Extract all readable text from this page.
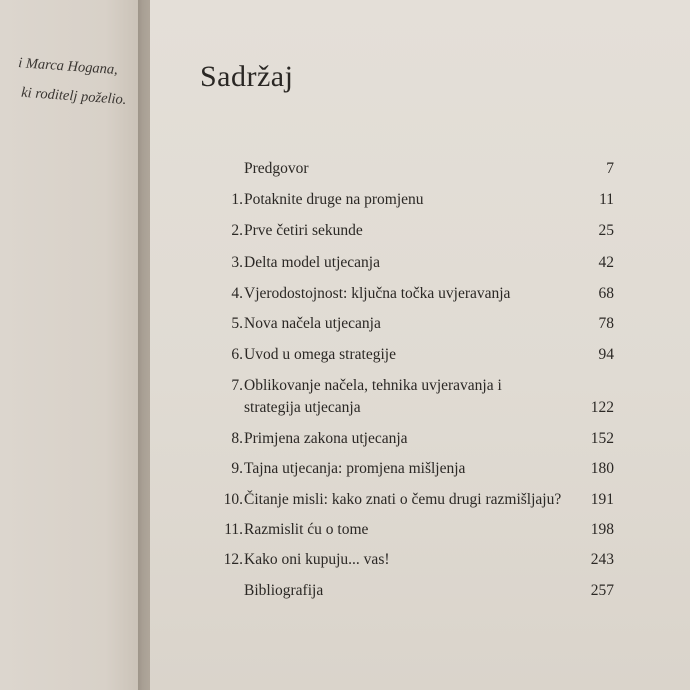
i Marca Hogana,
ki roditelj poželio.
Sadržaj
Predgovor	7
1. Potaknite druge na promjenu	11
2. Prve četiri sekunde	25
3. Delta model utjecanja	42
4. Vjerodostojnost: ključna točka uvjeravanja	68
5. Nova načela utjecanja	78
6. Uvod u omega strategije	94
7. Oblikovanje načela, tehnika uvjeravanja i
strategija utjecanja	122
8. Primjena zakona utjecanja	152
9. Tajna utjecanja: promjena mišljenja	180
10. Čitanje misli: kako znati o čemu drugi razmišljaju? 191
11. Razmislit ću o tome	198
12. Kako oni kupuju... vas!	243
Bibliografija	257
